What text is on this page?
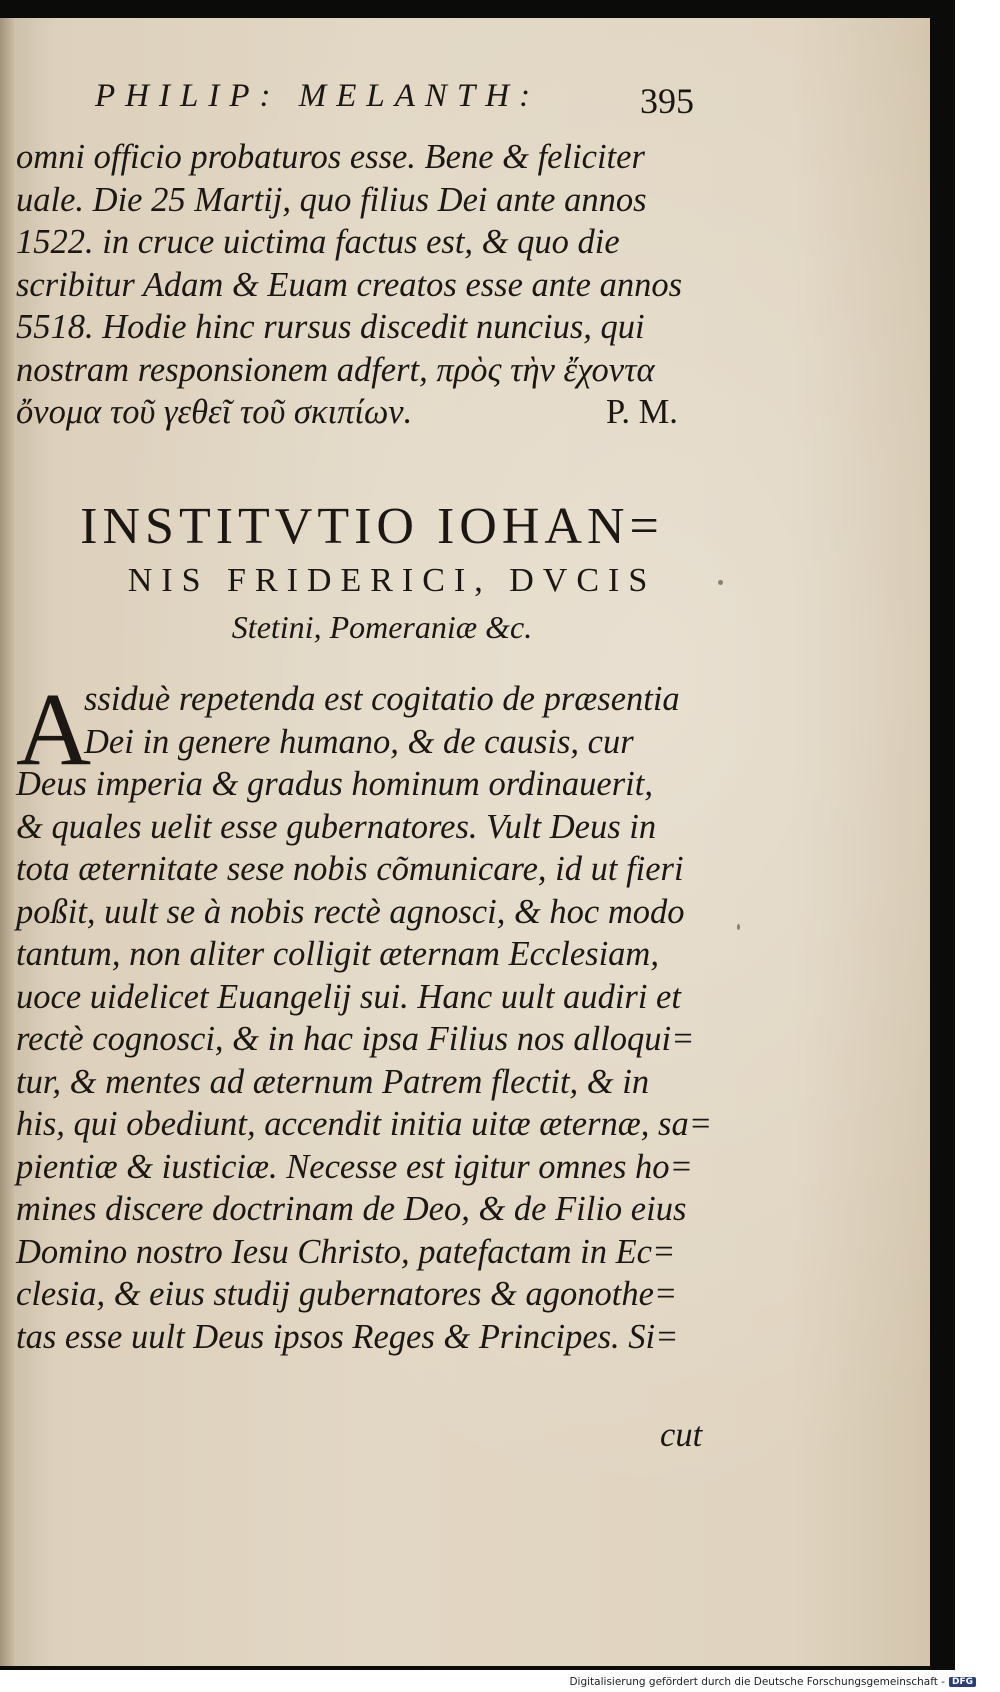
PHILIP: MELANTH:	395
omni officio probaturos esse. Bene & feliciter
uale. Die 25 Martij, quo filius Dei ante annos
1522. in cruce uictima factus est, & quo die
scribitur Adam & Euam creatos esse ante annos
5518. Hodie hinc rursus discedit nuncius, qui
nostram responsionem adfert, πρὸς τὴν ἔχοντα
ὄνομα τοῦ γεθεῖ τοῦ σκιπίων.	P. M.
INSTITVTIO IOHAN=
NIS FRIDERICI, DVCIS
Stetini, Pomeraniæ &c.
A
ssiduè repetenda est cogitatio de præsentia
Dei in genere humano, & de causis, cur
Deus imperia & gradus hominum ordinauerit,
& quales uelit esse gubernatores. Vult Deus in
tota æternitate sese nobis cõmunicare, id ut fieri
poßit, uult se à nobis rectè agnosci, & hoc modo
tantum, non aliter colligit æternam Ecclesiam,
uoce uidelicet Euangelij sui. Hanc uult audiri et
rectè cognosci, & in hac ipsa Filius nos alloqui=
tur, & mentes ad æternum Patrem flectit, & in
his, qui obediunt, accendit initia uitæ æternæ, sa=
pientiæ & iusticiæ. Necesse est igitur omnes ho=
mines discere doctrinam de Deo, & de Filio eius
Domino nostro Iesu Christo, patefactam in Ec=
clesia, & eius studij gubernatores & agonothe=
tas esse uult Deus ipsos Reges & Principes. Si=
cut
Digitalisierung gefördert durch die Deutsche Forschungsgemeinschaft - DFG
